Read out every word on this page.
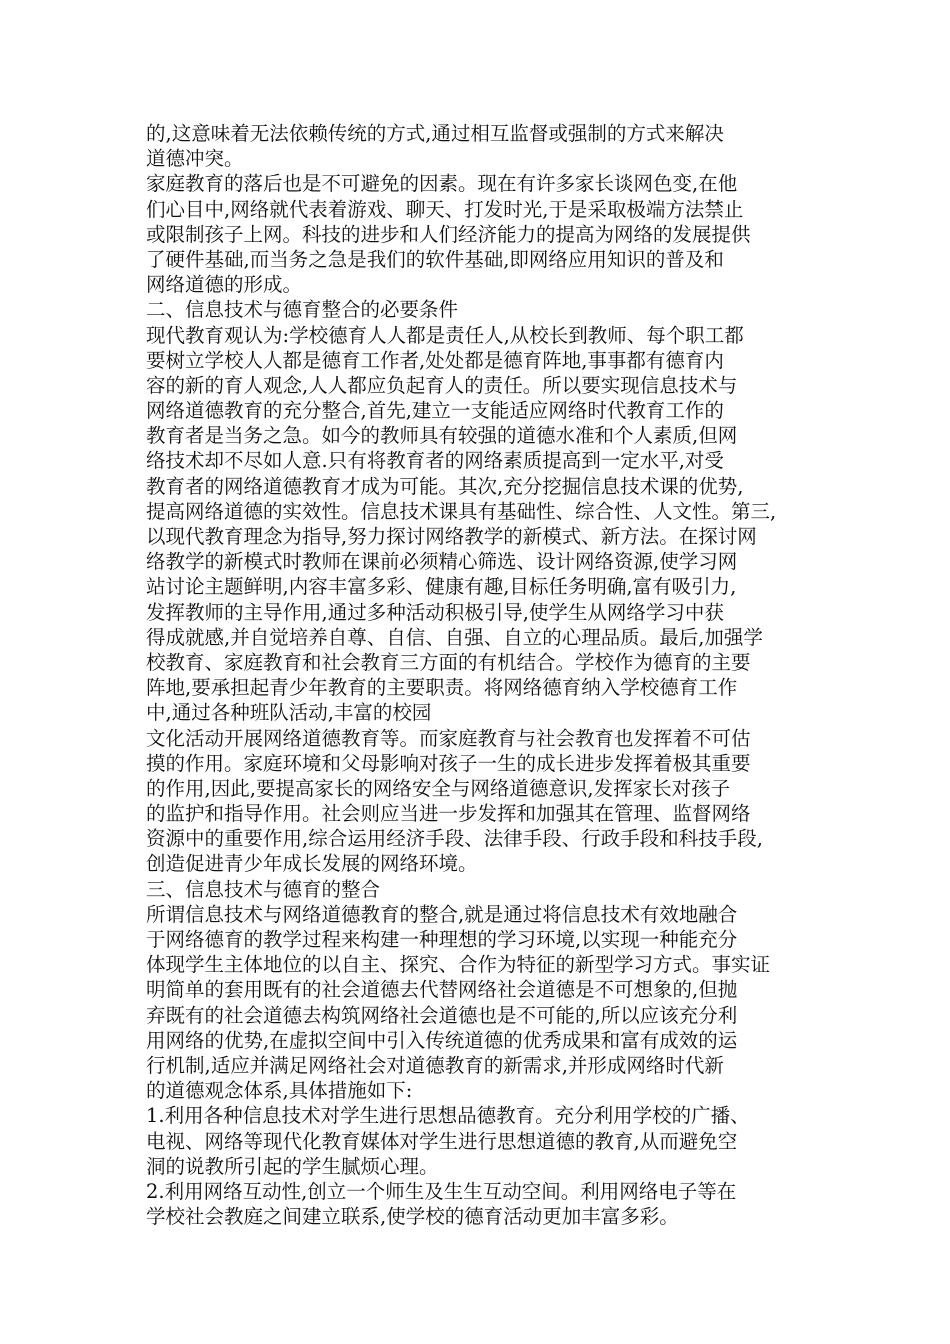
的,这意味着无法依赖传统的方式,通过相互监督或强制的方式来解决
道德冲突。
家庭教育的落后也是不可避免的因素。现在有许多家长谈网色变,在他
们心目中,网络就代表着游戏、聊天、打发时光,于是采取极端方法禁止
或限制孩子上网。科技的进步和人们经济能力的提高为网络的发展提供
了硬件基础,而当务之急是我们的软件基础,即网络应用知识的普及和
网络道德的形成。
二、信息技术与德育整合的必要条件
现代教育观认为:学校德育人人都是责任人,从校长到教师、每个职工都
要树立学校人人都是德育工作者,处处都是德育阵地,事事都有德育内
容的新的育人观念,人人都应负起育人的责任。所以要实现信息技术与
网络道德教育的充分整合,首先,建立一支能适应网络时代教育工作的
教育者是当务之急。如今的教师具有较强的道德水准和个人素质,但网
络技术却不尽如人意.只有将教育者的网络素质提高到一定水平,对受
教育者的网络道德教育才成为可能。其次,充分挖掘信息技术课的优势,
提高网络道德的实效性。信息技术课具有基础性、综合性、人文性。第三,
以现代教育理念为指导,努力探讨网络教学的新模式、新方法。在探讨网
络教学的新模式时教师在课前必须精心筛选、设计网络资源,使学习网
站讨论主题鲜明,内容丰富多彩、健康有趣,目标任务明确,富有吸引力,
发挥教师的主导作用,通过多种活动积极引导,使学生从网络学习中获
得成就感,并自觉培养自尊、自信、自强、自立的心理品质。最后,加强学
校教育、家庭教育和社会教育三方面的有机结合。学校作为德育的主要
阵地,要承担起青少年教育的主要职责。将网络德育纳入学校德育工作
中,通过各种班队活动,丰富的校园
文化活动开展网络道德教育等。而家庭教育与社会教育也发挥着不可估
摸的作用。家庭环境和父母影响对孩子一生的成长进步发挥着极其重要
的作用,因此,要提高家长的网络安全与网络道德意识,发挥家长对孩子
的监护和指导作用。社会则应当进一步发挥和加强其在管理、监督网络
资源中的重要作用,综合运用经济手段、法律手段、行政手段和科技手段,
创造促进青少年成长发展的网络环境。
三、信息技术与德育的整合
所谓信息技术与网络道德教育的整合,就是通过将信息技术有效地融合
于网络德育的教学过程来构建一种理想的学习环境,以实现一种能充分
体现学生主体地位的以自主、探究、合作为特征的新型学习方式。事实证
明简单的套用既有的社会道德去代替网络社会道德是不可想象的,但抛
弃既有的社会道德去构筑网络社会道德也是不可能的,所以应该充分利
用网络的优势,在虚拟空间中引入传统道德的优秀成果和富有成效的运
行机制,适应并满足网络社会对道德教育的新需求,并形成网络时代新
的道德观念体系,具体措施如下:
1.利用各种信息技术对学生进行思想品德教育。充分利用学校的广播、
电视、网络等现代化教育媒体对学生进行思想道德的教育,从而避免空
洞的说教所引起的学生腻烦心理。
2.利用网络互动性,创立一个师生及生生互动空间。利用网络电子等在
学校社会教庭之间建立联系,使学校的德育活动更加丰富多彩。
